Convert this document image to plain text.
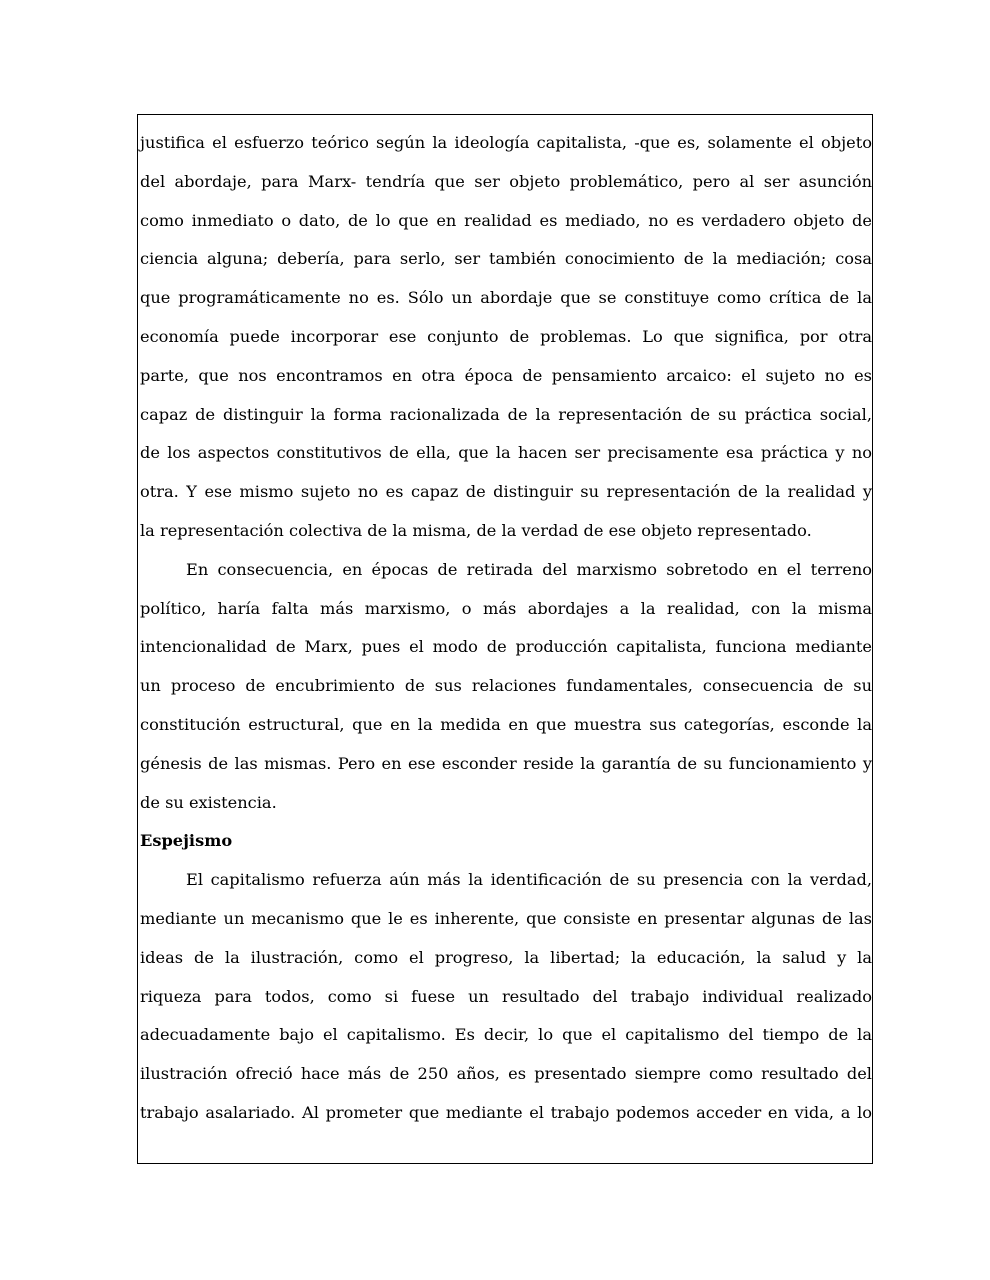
justifica el esfuerzo teórico según la ideología capitalista, -que es, solamente el objeto
del abordaje, para Marx- tendría que ser objeto problemático, pero al ser asunción
como inmediato o dato, de lo que en realidad es mediado, no es verdadero objeto de
ciencia alguna; debería, para serlo, ser también conocimiento de la mediación; cosa
que programáticamente no es. Sólo un abordaje que se constituye como crítica de la
economía puede incorporar ese conjunto de problemas. Lo que significa, por otra
parte, que nos encontramos en otra época de pensamiento arcaico: el sujeto no es
capaz de distinguir la forma racionalizada de la representación de su práctica social,
de los aspectos constitutivos de ella, que la hacen ser precisamente esa práctica y no
otra. Y ese mismo sujeto no es capaz de distinguir su representación de la realidad y
la representación colectiva de la misma, de la verdad de ese objeto representado.
En consecuencia, en épocas de retirada del marxismo sobretodo en el terreno
político, haría falta más marxismo, o más abordajes a la realidad, con la misma
intencionalidad de Marx, pues el modo de producción capitalista, funciona mediante
un proceso de encubrimiento de sus relaciones fundamentales, consecuencia de su
constitución estructural, que en la medida en que muestra sus categorías, esconde la
génesis de las mismas. Pero en ese esconder reside la garantía de su funcionamiento y
de su existencia.
Espejismo
El capitalismo refuerza aún más la identificación de su presencia con la verdad,
mediante un mecanismo que le es inherente, que consiste en presentar algunas de las
ideas de la ilustración, como el progreso, la libertad; la educación, la salud y la
riqueza para todos, como si fuese un resultado del trabajo individual realizado
adecuadamente bajo el capitalismo. Es decir, lo que el capitalismo del tiempo de la
ilustración ofreció hace más de 250 años, es presentado siempre como resultado del
trabajo asalariado. Al prometer que mediante el trabajo podemos acceder en vida, a lo
